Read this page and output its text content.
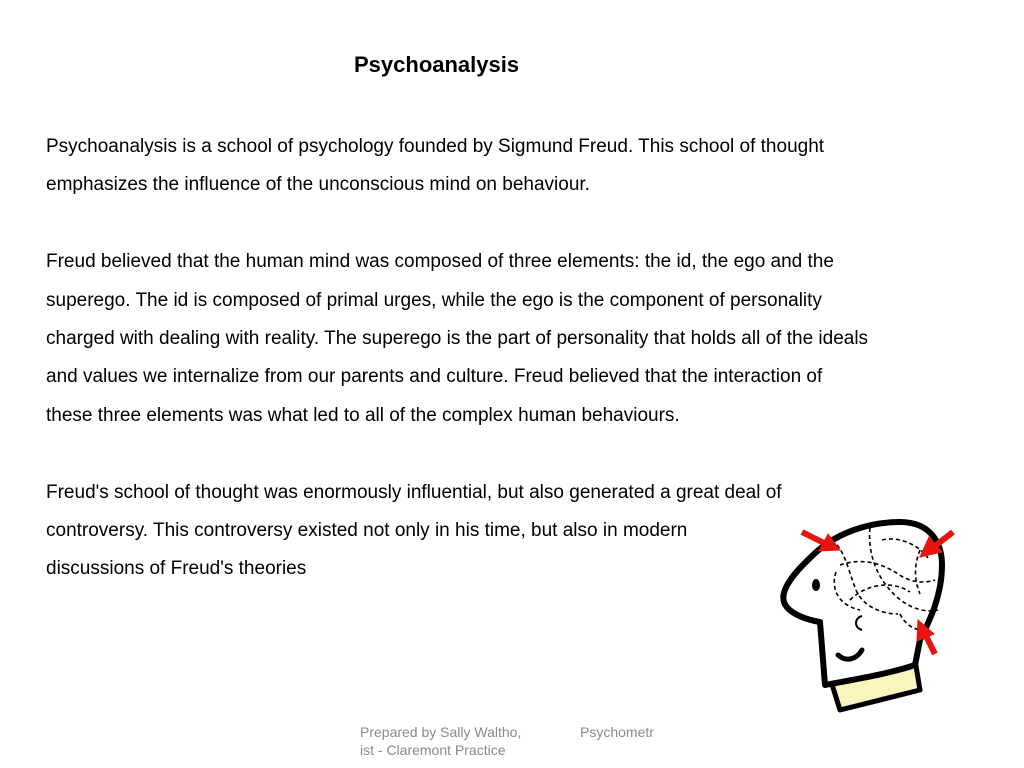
Psychoanalysis

Psychoanalysis is a school of psychology founded by Sigmund Freud. This school of thought
emphasizes the influence of the unconscious mind on behaviour.

Freud believed that the human mind was composed of three elements: the id, the ego and the
superego. The id is composed of primal urges, while the ego is the component of personality
charged with dealing with reality. The superego is the part of personality that holds all of the ideals
and values we internalize from our parents and culture. Freud believed that the interaction of
these three elements was what led to all of the complex human behaviours.

Freud's school of thought was enormously influential, but also generated a great deal of
controversy. This controversy existed not only in his time, but also in modern
discussions of Freud's theories

Prepared by Sally Waltho,
ist - Claremont Practice
Psychometr
